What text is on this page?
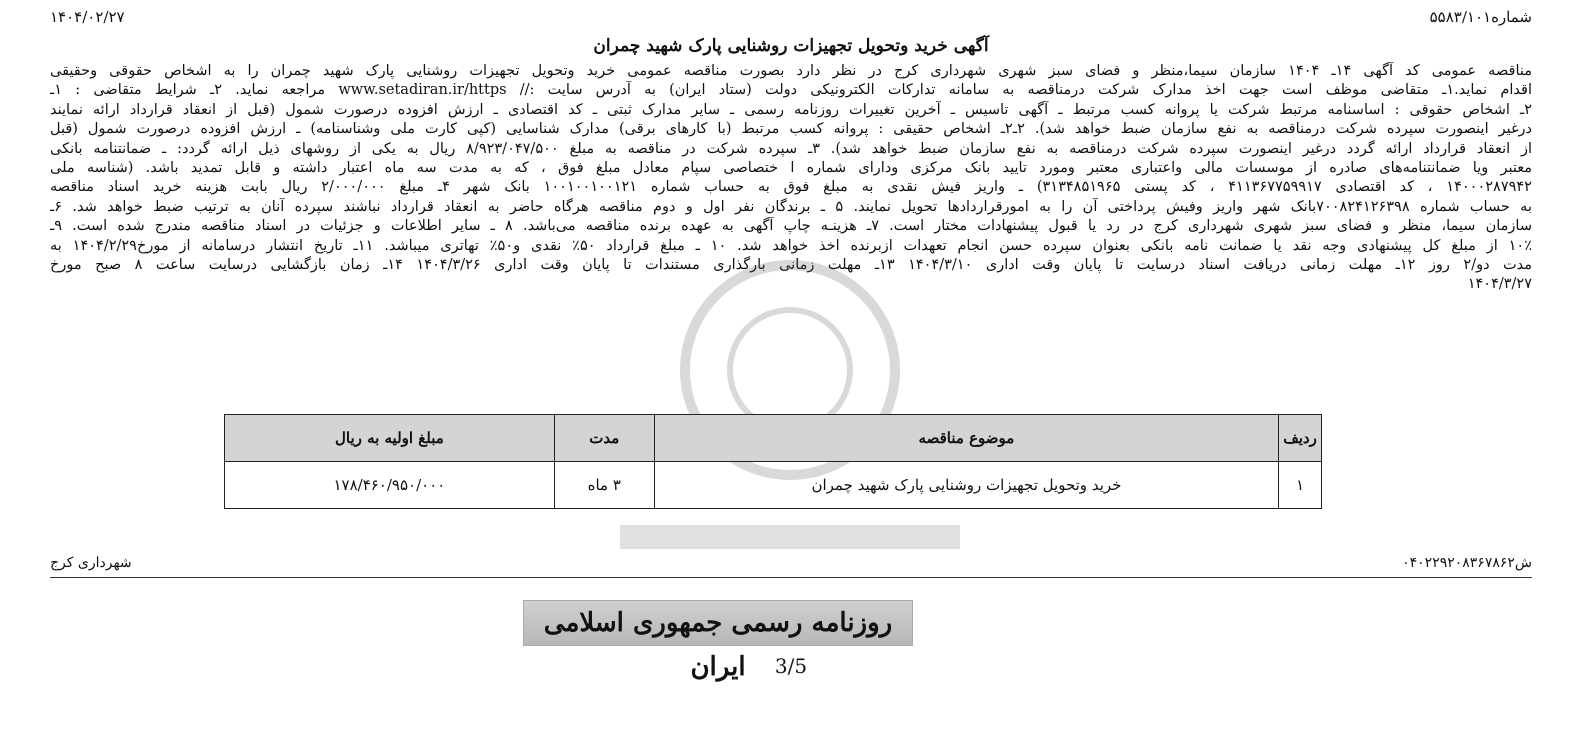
شماره۵۵۸۳/۱۰۱
۱۴۰۴/۰۲/۲۷
آگهی خرید وتحویل تجهیزات روشنایی پارک شهید چمران
مناقصه عمومی کد آگهی ۱۴ـ ۱۴۰۴ سازمان سیما،منظر و فضای سبز شهری شهرداری کرج در نظر دارد بصورت مناقصه عمومی خرید وتحویل تجهیزات روشنایی پارک شهید چمران را به اشخاص حقوقی وحقیقی
اقدام نماید.۱ـ متقاضی موظف است جهت اخذ مدارک شرکت درمناقصه به سامانه تدارکات الکترونیکی دولت (ستاد ایران) به آدرس سایت :// www.setadiran.ir/https مراجعه نماید. ۲ـ شرایط متقاضی : ۱ـ
۲ـ اشخاص حقوقی : اساسنامه مرتبط شرکت یا پروانه کسب مرتبط ـ آگهی تاسیس ـ آخرین تغییرات روزنامه رسمی ـ سایر مدارک ثبتی ـ کد اقتصادی ـ ارزش افزوده درصورت شمول (قبل از انعقاد قرارداد ارائه نمایند
درغیر اینصورت سپرده شرکت درمناقصه به نفع سازمان ضبط خواهد شد). ۲ـ۲ـ اشخاص حقیقی : پروانه کسب مرتبط (با کارهای برقی) مدارک شناسایی (کپی کارت ملی وشناسنامه) ـ ارزش افزوده درصورت شمول (قبل
از انعقاد قرارداد ارائه گردد درغیر اینصورت سپرده شرکت درمناقصه به نفع سازمان ضبط خواهد شد). ۳ـ سپرده شرکت در مناقصه به مبلغ ۸/۹۲۳/۰۴۷/۵۰۰ ریال به یکی از روشهای ذیل ارائه گردد: ـ ضمانتنامه بانکی
معتبر ویا ضمانتنامه‌های صادره از موسسات مالی واعتباری معتبر ومورد تایید بانک مرکزی ودارای شماره ا ختصاصی سپام معادل مبلغ فوق ، که به مدت سه ماه اعتبار داشته و قابل تمدید باشد. (شناسه ملی
۱۴۰۰۰۲۸۷۹۴۲ ، کد اقتصادی ۴۱۱۳۶۷۷۵۹۹۱۷ ، کد پستی ۳۱۳۴۸۵۱۹۶۵) ـ واریز فیش نقدی به مبلغ فوق به حساب شماره ۱۰۰۱۰۰۱۰۰۱۲۱ بانک شهر ۴ـ مبلغ ۲/۰۰۰/۰۰۰ ریال بابت هزینه خرید اسناد مناقصه
به حساب شماره ۷۰۰۸۲۴۱۲۶۳۹۸بانک شهر واریز وفیش پرداختی آن را به امورقراردادها تحویل نمایند. ۵ ـ برندگان نفر اول و دوم مناقصه هرگاه حاضر به انعقاد قرارداد نباشند سپرده آنان به ترتیب ضبط خواهد شد. ۶ـ
سازمان سیما، منظر و فضای سبز شهری شهرداری کرج در رد یا قبول پیشنهادات مختار است. ۷ـ هزینـه چاپ آگهی به عهده برنده مناقصه می‌باشد. ۸ ـ سایر اطلاعات و جزئیات در اسناد مناقصه مندرج شده است. ۹ـ
۱۰٪ از مبلغ کل پیشنهادی وجه نقد یا ضمانت نامه بانکی بعنوان سپرده حسن انجام تعهدات ازبرنده اخذ خواهد شد. ۱۰ ـ مبلغ قرارداد ۵۰٪ نقدی و۵۰٪ تهاتری میباشد. ۱۱ـ تاریخ انتشار درسامانه از مورخ۱۴۰۴/۲/۲۹ به
مدت دو/۲ روز ۱۲ـ مهلت زمانی دریافت اسناد درسایت تا پایان وقت اداری ۱۴۰۴/۳/۱۰ ۱۳ـ مهلت زمانی بارگذاری مستندات تا پایان وقت اداری ۱۴۰۴/۳/۲۶ ۱۴ـ زمان بازگشایی درسایت ساعت ۸ صبح مورخ
۱۴۰۴/۳/۲۷
ردیف	موضوع مناقصه	مدت	مبلغ اولیه به ریال
۱	خرید وتحویل تجهیزات روشنایی پارک شهید چمران	۳ ماه	۱۷۸/۴۶۰/۹۵۰/۰۰۰
ش۰۴۰۲۲۹۲۰۸۳۶۷۸۶۲
شهرداری کرج
روزنامه رسمی جمهوری اسلامی ایران	3/5
